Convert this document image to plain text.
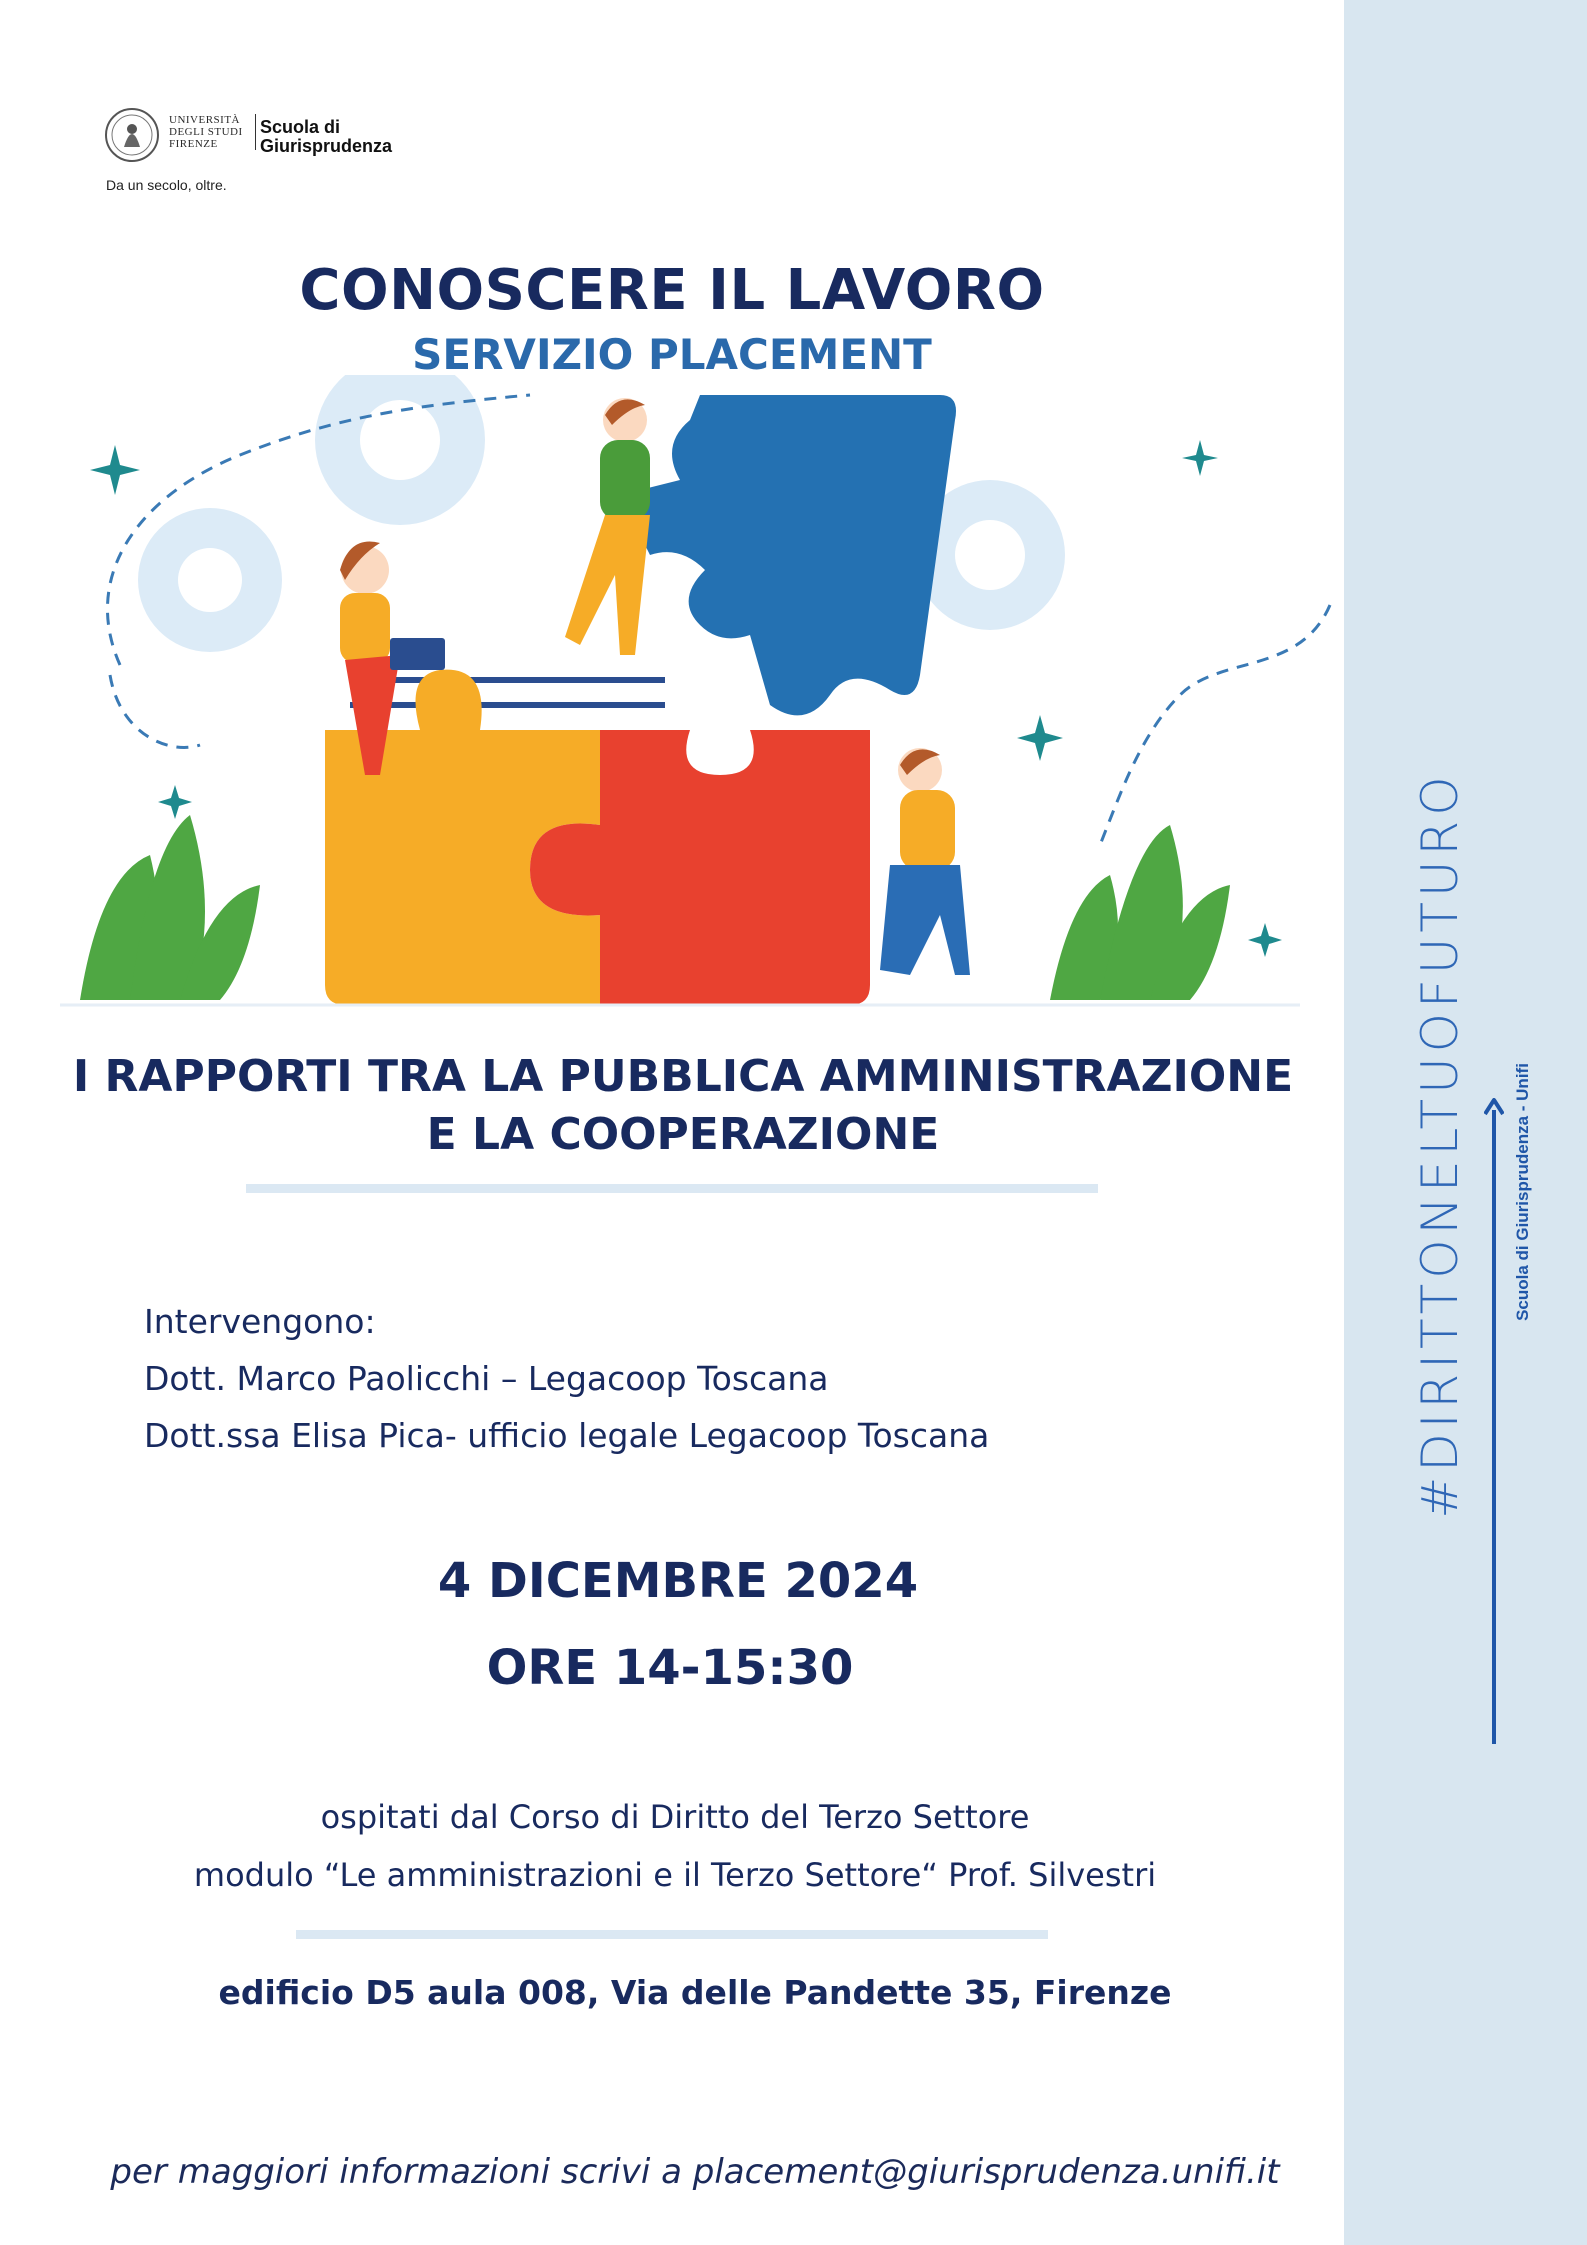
#DIRITTONELTUOFUTURO	Scuola di Giurisprudenza - Unifi
UNIVERSITÀ
DEGLI STUDI
FIRENZE
Scuola di
Giurisprudenza
Da un secolo, oltre.
CONOSCERE IL LAVORO
SERVIZIO PLACEMENT
I RAPPORTI TRA LA PUBBLICA AMMINISTRAZIONE
E LA COOPERAZIONE
Intervengono:
Dott. Marco Paolicchi – Legacoop Toscana
Dott.ssa Elisa Pica- ufficio legale Legacoop Toscana
4 DICEMBRE 2024
ORE 14-15:30
ospitati dal Corso di Diritto del Terzo Settore
modulo “Le amministrazioni e il Terzo Settore“ Prof. Silvestri
edificio D5 aula 008, Via delle Pandette 35, Firenze
per maggiori informazioni scrivi a placement@giurisprudenza.unifi.it
